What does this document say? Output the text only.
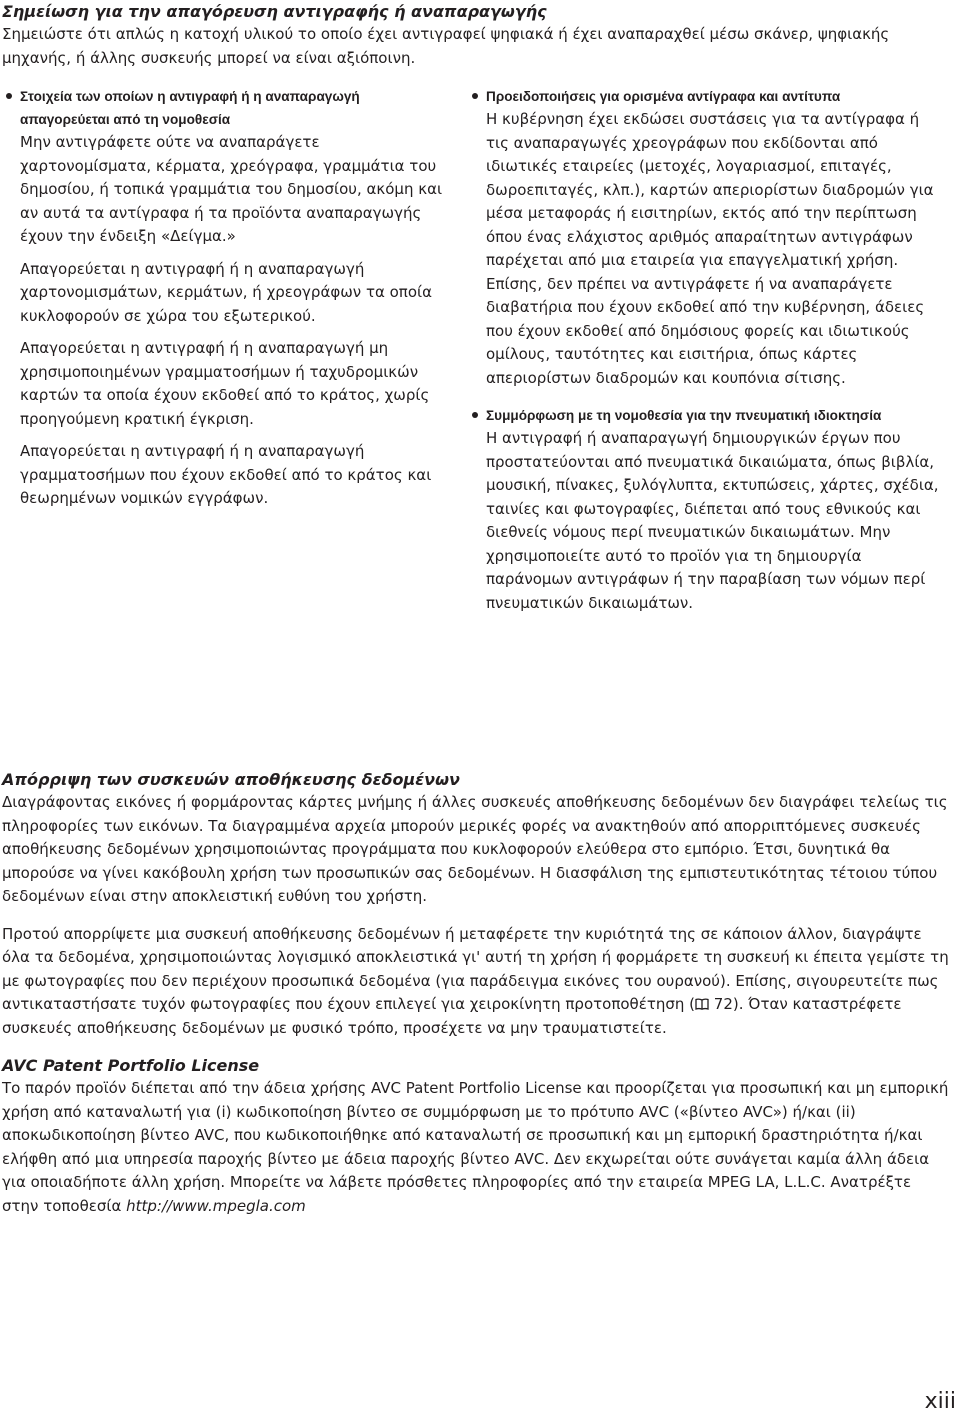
Σημείωση για την απαγόρευση αντιγραφής ή αναπαραγωγής

Σημειώστε ότι απλώς η κατοχή υλικού το οποίο έχει αντιγραφεί ψηφιακά ή έχει αναπαραχθεί μέσω σκάνερ, ψηφιακής μηχανής, ή άλλης συσκευής μπορεί να είναι αξιόποινη.

Στοιχεία των οποίων η αντιγραφή ή η αναπαραγωγή απαγορεύεται από τη νομοθεσία

Μην αντιγράφετε ούτε να αναπαράγετε χαρτονομίσματα, κέρματα, χρεόγραφα, γραμμάτια του δημοσίου, ή τοπικά γραμμάτια του δημοσίου, ακόμη και αν αυτά τα αντίγραφα ή τα προϊόντα αναπαραγωγής έχουν την ένδειξη «Δείγμα.»

Απαγορεύεται η αντιγραφή ή η αναπαραγωγή χαρτονομισμάτων, κερμάτων, ή χρεογράφων τα οποία κυκλοφορούν σε χώρα του εξωτερικού.

Απαγορεύεται η αντιγραφή ή η αναπαραγωγή μη χρησιμοποιημένων γραμματοσήμων ή ταχυδρομικών καρτών τα οποία έχουν εκδοθεί από το κράτος, χωρίς προηγούμενη κρατική έγκριση.

Απαγορεύεται η αντιγραφή ή η αναπαραγωγή γραμματοσήμων που έχουν εκδοθεί από το κράτος και θεωρημένων νομικών εγγράφων.

Προειδοποιήσεις για ορισμένα αντίγραφα και αντίτυπα

Η κυβέρνηση έχει εκδώσει συστάσεις για τα αντίγραφα ή τις αναπαραγωγές χρεογράφων που εκδίδονται από ιδιωτικές εταιρείες (μετοχές, λογαριασμοί, επιταγές, δωροεπιταγές, κλπ.), καρτών απεριορίστων διαδρομών για μέσα μεταφοράς ή εισιτηρίων, εκτός από την περίπτωση όπου ένας ελάχιστος αριθμός απαραίτητων αντιγράφων παρέχεται από μια εταιρεία για επαγγελματική χρήση. Επίσης, δεν πρέπει να αντιγράφετε ή να αναπαράγετε διαβατήρια που έχουν εκδοθεί από την κυβέρνηση, άδειες που έχουν εκδοθεί από δημόσιους φορείς και ιδιωτικούς ομίλους, ταυτότητες και εισιτήρια, όπως κάρτες απεριορίστων διαδρομών και κουπόνια σίτισης.

Συμμόρφωση με τη νομοθεσία για την πνευματική ιδιοκτησία

Η αντιγραφή ή αναπαραγωγή δημιουργικών έργων που προστατεύονται από πνευματικά δικαιώματα, όπως βιβλία, μουσική, πίνακες, ξυλόγλυπτα, εκτυπώσεις, χάρτες, σχέδια, ταινίες και φωτογραφίες, διέπεται από τους εθνικούς και διεθνείς νόμους περί πνευματικών δικαιωμάτων. Μην χρησιμοποιείτε αυτό το προϊόν για τη δημιουργία παράνομων αντιγράφων ή την παραβίαση των νόμων περί πνευματικών δικαιωμάτων.

Απόρριψη των συσκευών αποθήκευσης δεδομένων

Διαγράφοντας εικόνες ή φορμάροντας κάρτες μνήμης ή άλλες συσκευές αποθήκευσης δεδομένων δεν διαγράφει τελείως τις πληροφορίες των εικόνων. Τα διαγραμμένα αρχεία μπορούν μερικές φορές να ανακτηθούν από απορριπτόμενες συσκευές αποθήκευσης δεδομένων χρησιμοποιώντας προγράμματα που κυκλοφορούν ελεύθερα στο εμπόριο. Έτσι, δυνητικά θα μπορούσε να γίνει κακόβουλη χρήση των προσωπικών σας δεδομένων. Η διασφάλιση της εμπιστευτικότητας τέτοιου τύπου δεδομένων είναι στην αποκλειστική ευθύνη του χρήστη.

Προτού απορρίψετε μια συσκευή αποθήκευσης δεδομένων ή μεταφέρετε την κυριότητά της σε κάποιον άλλον, διαγράψτε όλα τα δεδομένα, χρησιμοποιώντας λογισμικό αποκλειστικά γι' αυτή τη χρήση ή φορμάρετε τη συσκευή κι έπειτα γεμίστε τη με φωτογραφίες που δεν περιέχουν προσωπικά δεδομένα (για παράδειγμα εικόνες του ουρανού). Επίσης, σιγουρευτείτε πως αντικαταστήσατε τυχόν φωτογραφίες που έχουν επιλεγεί για χειροκίνητη προτοποθέτηση ( 72). Όταν καταστρέφετε συσκευές αποθήκευσης δεδομένων με φυσικό τρόπο, προσέχετε να μην τραυματιστείτε.

AVC Patent Portfolio License

Το παρόν προϊόν διέπεται από την άδεια χρήσης AVC Patent Portfolio License και προορίζεται για προσωπική και μη εμπορική χρήση από καταναλωτή για (i) κωδικοποίηση βίντεο σε συμμόρφωση με το πρότυπο AVC («βίντεο AVC») ή/και (ii) αποκωδικοποίηση βίντεο AVC, που κωδικοποιήθηκε από καταναλωτή σε προσωπική και μη εμπορική δραστηριότητα ή/και ελήφθη από μια υπηρεσία παροχής βίντεο με άδεια παροχής βίντεο AVC. Δεν εκχωρείται ούτε συνάγεται καμία άλλη άδεια για οποιαδήποτε άλλη χρήση. Μπορείτε να λάβετε πρόσθετες πληροφορίες από την εταιρεία MPEG LA, L.L.C. Ανατρέξτε στην τοποθεσία http://www.mpegla.com

xiii
